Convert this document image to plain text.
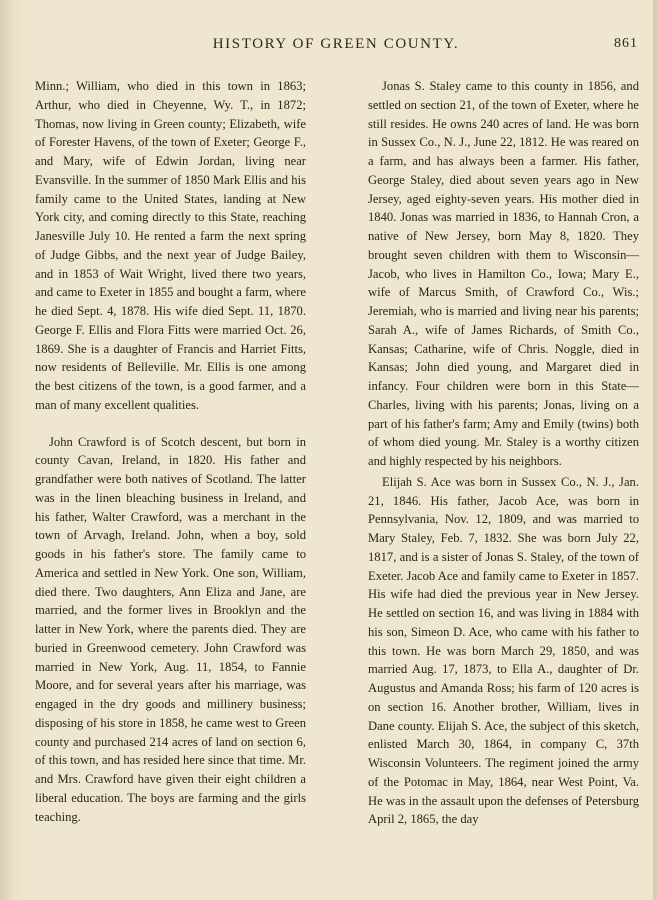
HISTORY OF GREEN COUNTY.	861

Minn.; William, who died in this town in 1863; Arthur, who died in Cheyenne, Wy. T., in 1872; Thomas, now living in Green county; Elizabeth, wife of Forester Havens, of the town of Exeter; George F., and Mary, wife of Edwin Jordan, living near Evansville. In the summer of 1850 Mark Ellis and his family came to the United States, landing at New York city, and coming directly to this State, reaching Janesville July 10. He rented a farm the next spring of Judge Gibbs, and the next year of Judge Bailey, and in 1853 of Wait Wright, lived there two years, and came to Exeter in 1855 and bought a farm, where he died Sept. 4, 1878. His wife died Sept. 11, 1870. George F. Ellis and Flora Fitts were married Oct. 26, 1869. She is a daughter of Francis and Harriet Fitts, now residents of Belleville. Mr. Ellis is one among the best citizens of the town, is a good farmer, and a man of many excellent qualities.

John Crawford is of Scotch descent, but born in county Cavan, Ireland, in 1820. His father and grandfather were both natives of Scotland. The latter was in the linen bleaching business in Ireland, and his father, Walter Crawford, was a merchant in the town of Arvagh, Ireland. John, when a boy, sold goods in his father's store. The family came to America and settled in New York. One son, William, died there. Two daughters, Ann Eliza and Jane, are married, and the former lives in Brooklyn and the latter in New York, where the parents died. They are buried in Greenwood cemetery. John Crawford was married in New York, Aug. 11, 1854, to Fannie Moore, and for several years after his marriage, was engaged in the dry goods and millinery business; disposing of his store in 1858, he came west to Green county and purchased 214 acres of land on section 6, of this town, and has resided here since that time. Mr. and Mrs. Crawford have given their eight children a liberal education. The boys are farming and the girls teaching.

Jonas S. Staley came to this county in 1856, and settled on section 21, of the town of Exeter, where he still resides. He owns 240 acres of land. He was born in Sussex Co., N. J., June 22, 1812. He was reared on a farm, and has always been a farmer. His father, George Staley, died about seven years ago in New Jersey, aged eighty-seven years. His mother died in 1840. Jonas was married in 1836, to Hannah Cron, a native of New Jersey, born May 8, 1820. They brought seven children with them to Wisconsin—Jacob, who lives in Hamilton Co., Iowa; Mary E., wife of Marcus Smith, of Crawford Co., Wis.; Jeremiah, who is married and living near his parents; Sarah A., wife of James Richards, of Smith Co., Kansas; Catharine, wife of Chris. Noggle, died in Kansas; John died young, and Margaret died in infancy. Four children were born in this State—Charles, living with his parents; Jonas, living on a part of his father's farm; Amy and Emily (twins) both of whom died young. Mr. Staley is a worthy citizen and highly respected by his neighbors.

Elijah S. Ace was born in Sussex Co., N. J., Jan. 21, 1846. His father, Jacob Ace, was born in Pennsylvania, Nov. 12, 1809, and was married to Mary Staley, Feb. 7, 1832. She was born July 22, 1817, and is a sister of Jonas S. Staley, of the town of Exeter. Jacob Ace and family came to Exeter in 1857. His wife had died the previous year in New Jersey. He settled on section 16, and was living in 1884 with his son, Simeon D. Ace, who came with his father to this town. He was born March 29, 1850, and was married Aug. 17, 1873, to Ella A., daughter of Dr. Augustus and Amanda Ross; his farm of 120 acres is on section 16. Another brother, William, lives in Dane county. Elijah S. Ace, the subject of this sketch, enlisted March 30, 1864, in company C, 37th Wisconsin Volunteers. The regiment joined the army of the Potomac in May, 1864, near West Point, Va. He was in the assault upon the defenses of Petersburg April 2, 1865, the day
